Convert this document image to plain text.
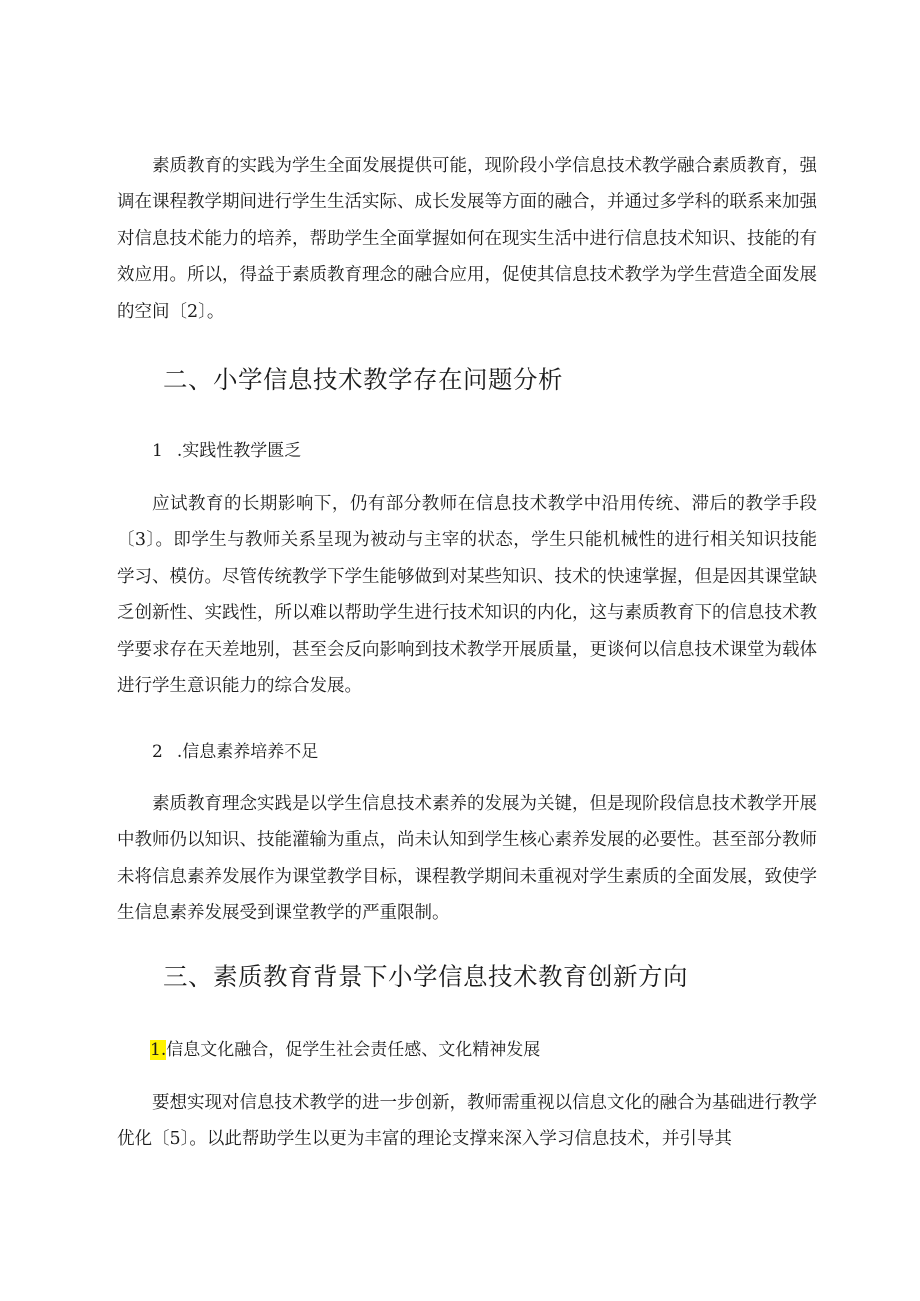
素质教育的实践为学生全面发展提供可能，现阶段小学信息技术教学融合素质教育，强调在课程教学期间进行学生生活实际、成长发展等方面的融合，并通过多学科的联系来加强对信息技术能力的培养，帮助学生全面掌握如何在现实生活中进行信息技术知识、技能的有效应用。所以，得益于素质教育理念的融合应用，促使其信息技术教学为学生营造全面发展的空间〔2〕。

二、小学信息技术教学存在问题分析
1 .实践性教学匮乏

应试教育的长期影响下，仍有部分教师在信息技术教学中沿用传统、滞后的教学手段〔3〕。即学生与教师关系呈现为被动与主宰的状态，学生只能机械性的进行相关知识技能学习、模仿。尽管传统教学下学生能够做到对某些知识、技术的快速掌握，但是因其课堂缺乏创新性、实践性，所以难以帮助学生进行技术知识的内化，这与素质教育下的信息技术教学要求存在天差地别，甚至会反向影响到技术教学开展质量，更谈何以信息技术课堂为载体进行学生意识能力的综合发展。

2 .信息素养培养不足

素质教育理念实践是以学生信息技术素养的发展为关键，但是现阶段信息技术教学开展中教师仍以知识、技能灌输为重点，尚未认知到学生核心素养发展的必要性。甚至部分教师未将信息素养发展作为课堂教学目标，课程教学期间未重视对学生素质的全面发展，致使学生信息素养发展受到课堂教学的严重限制。

三、素质教育背景下小学信息技术教育创新方向
1.信息文化融合，促学生社会责任感、文化精神发展

要想实现对信息技术教学的进一步创新，教师需重视以信息文化的融合为基础进行教学优化〔5〕。以此帮助学生以更为丰富的理论支撑来深入学习信息技术，并引导其
